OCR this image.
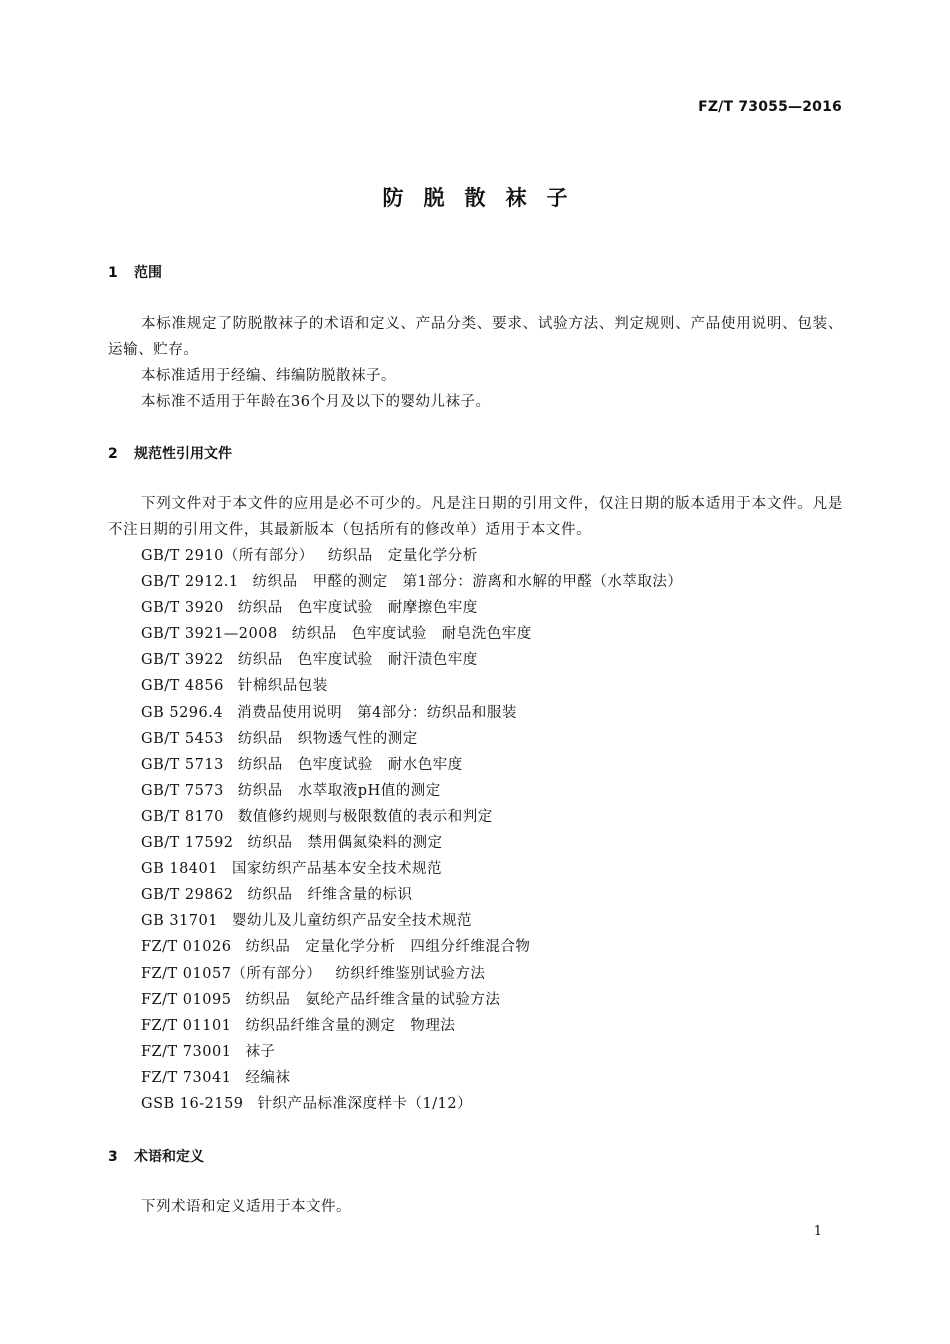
FZ/T 73055—2016
防脱散袜子
1 范围

本标准规定了防脱散袜子的术语和定义、产品分类、要求、试验方法、判定规则、产品使用说明、包装、运输、贮存。

本标准适用于经编、纬编防脱散袜子。

本标准不适用于年龄在36个月及以下的婴幼儿袜子。

2 规范性引用文件

下列文件对于本文件的应用是必不可少的。凡是注日期的引用文件，仅注日期的版本适用于本文件。凡是不注日期的引用文件，其最新版本（包括所有的修改单）适用于本文件。

GB/T 2910（所有部分） 纺织品　定量化学分析
GB/T 2912.1 纺织品　甲醛的测定　第1部分：游离和水解的甲醛（水萃取法）
GB/T 3920 纺织品　色牢度试验　耐摩擦色牢度
GB/T 3921—2008 纺织品　色牢度试验　耐皂洗色牢度
GB/T 3922 纺织品　色牢度试验　耐汗渍色牢度
GB/T 4856 针棉织品包装
GB 5296.4 消费品使用说明　第4部分：纺织品和服装
GB/T 5453 纺织品　织物透气性的测定
GB/T 5713 纺织品　色牢度试验　耐水色牢度
GB/T 7573 纺织品　水萃取液pH值的测定
GB/T 8170 数值修约规则与极限数值的表示和判定
GB/T 17592 纺织品　禁用偶氮染料的测定
GB 18401 国家纺织产品基本安全技术规范
GB/T 29862 纺织品　纤维含量的标识
GB 31701 婴幼儿及儿童纺织产品安全技术规范
FZ/T 01026 纺织品　定量化学分析　四组分纤维混合物
FZ/T 01057（所有部分） 纺织纤维鉴别试验方法
FZ/T 01095 纺织品　氨纶产品纤维含量的试验方法
FZ/T 01101 纺织品纤维含量的测定　物理法
FZ/T 73001 袜子
FZ/T 73041 经编袜
GSB 16-2159 针织产品标准深度样卡（1/12）
3 术语和定义

下列术语和定义适用于本文件。

1
